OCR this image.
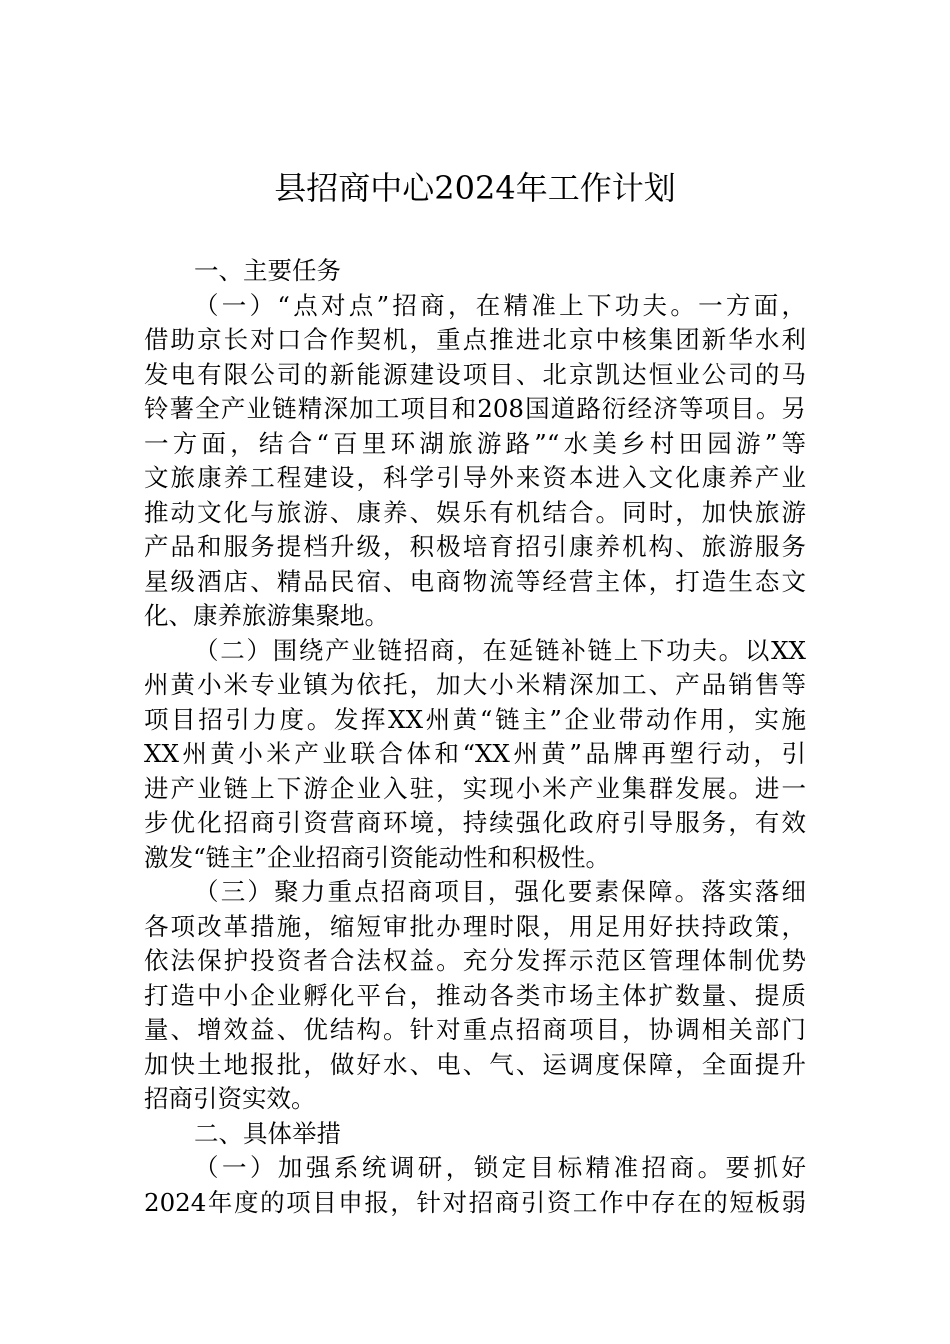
县招商中心2024年工作计划
一、主要任务
（一）“点对点”招商，在精准上下功夫。一方面，
借助京长对口合作契机，重点推进北京中核集团新华水利
发电有限公司的新能源建设项目、北京凯达恒业公司的马
铃薯全产业链精深加工项目和208国道路衍经济等项目。另
一方面，结合“百里环湖旅游路”“水美乡村田园游”等
文旅康养工程建设，科学引导外来资本进入文化康养产业
推动文化与旅游、康养、娱乐有机结合。同时，加快旅游
产品和服务提档升级，积极培育招引康养机构、旅游服务
星级酒店、精品民宿、电商物流等经营主体，打造生态文
化、康养旅游集聚地。
（二）围绕产业链招商，在延链补链上下功夫。以XX
州黄小米专业镇为依托，加大小米精深加工、产品销售等
项目招引力度。发挥XX州黄“链主”企业带动作用，实施
XX州黄小米产业联合体和“XX州黄”品牌再塑行动，引
进产业链上下游企业入驻，实现小米产业集群发展。进一
步优化招商引资营商环境，持续强化政府引导服务，有效
激发“链主”企业招商引资能动性和积极性。
（三）聚力重点招商项目，强化要素保障。落实落细
各项改革措施，缩短审批办理时限，用足用好扶持政策，
依法保护投资者合法权益。充分发挥示范区管理体制优势
打造中小企业孵化平台，推动各类市场主体扩数量、提质
量、增效益、优结构。针对重点招商项目，协调相关部门
加快土地报批，做好水、电、气、运调度保障，全面提升
招商引资实效。
二、具体举措
（一）加强系统调研，锁定目标精准招商。要抓好
2024年度的项目申报，针对招商引资工作中存在的短板弱
